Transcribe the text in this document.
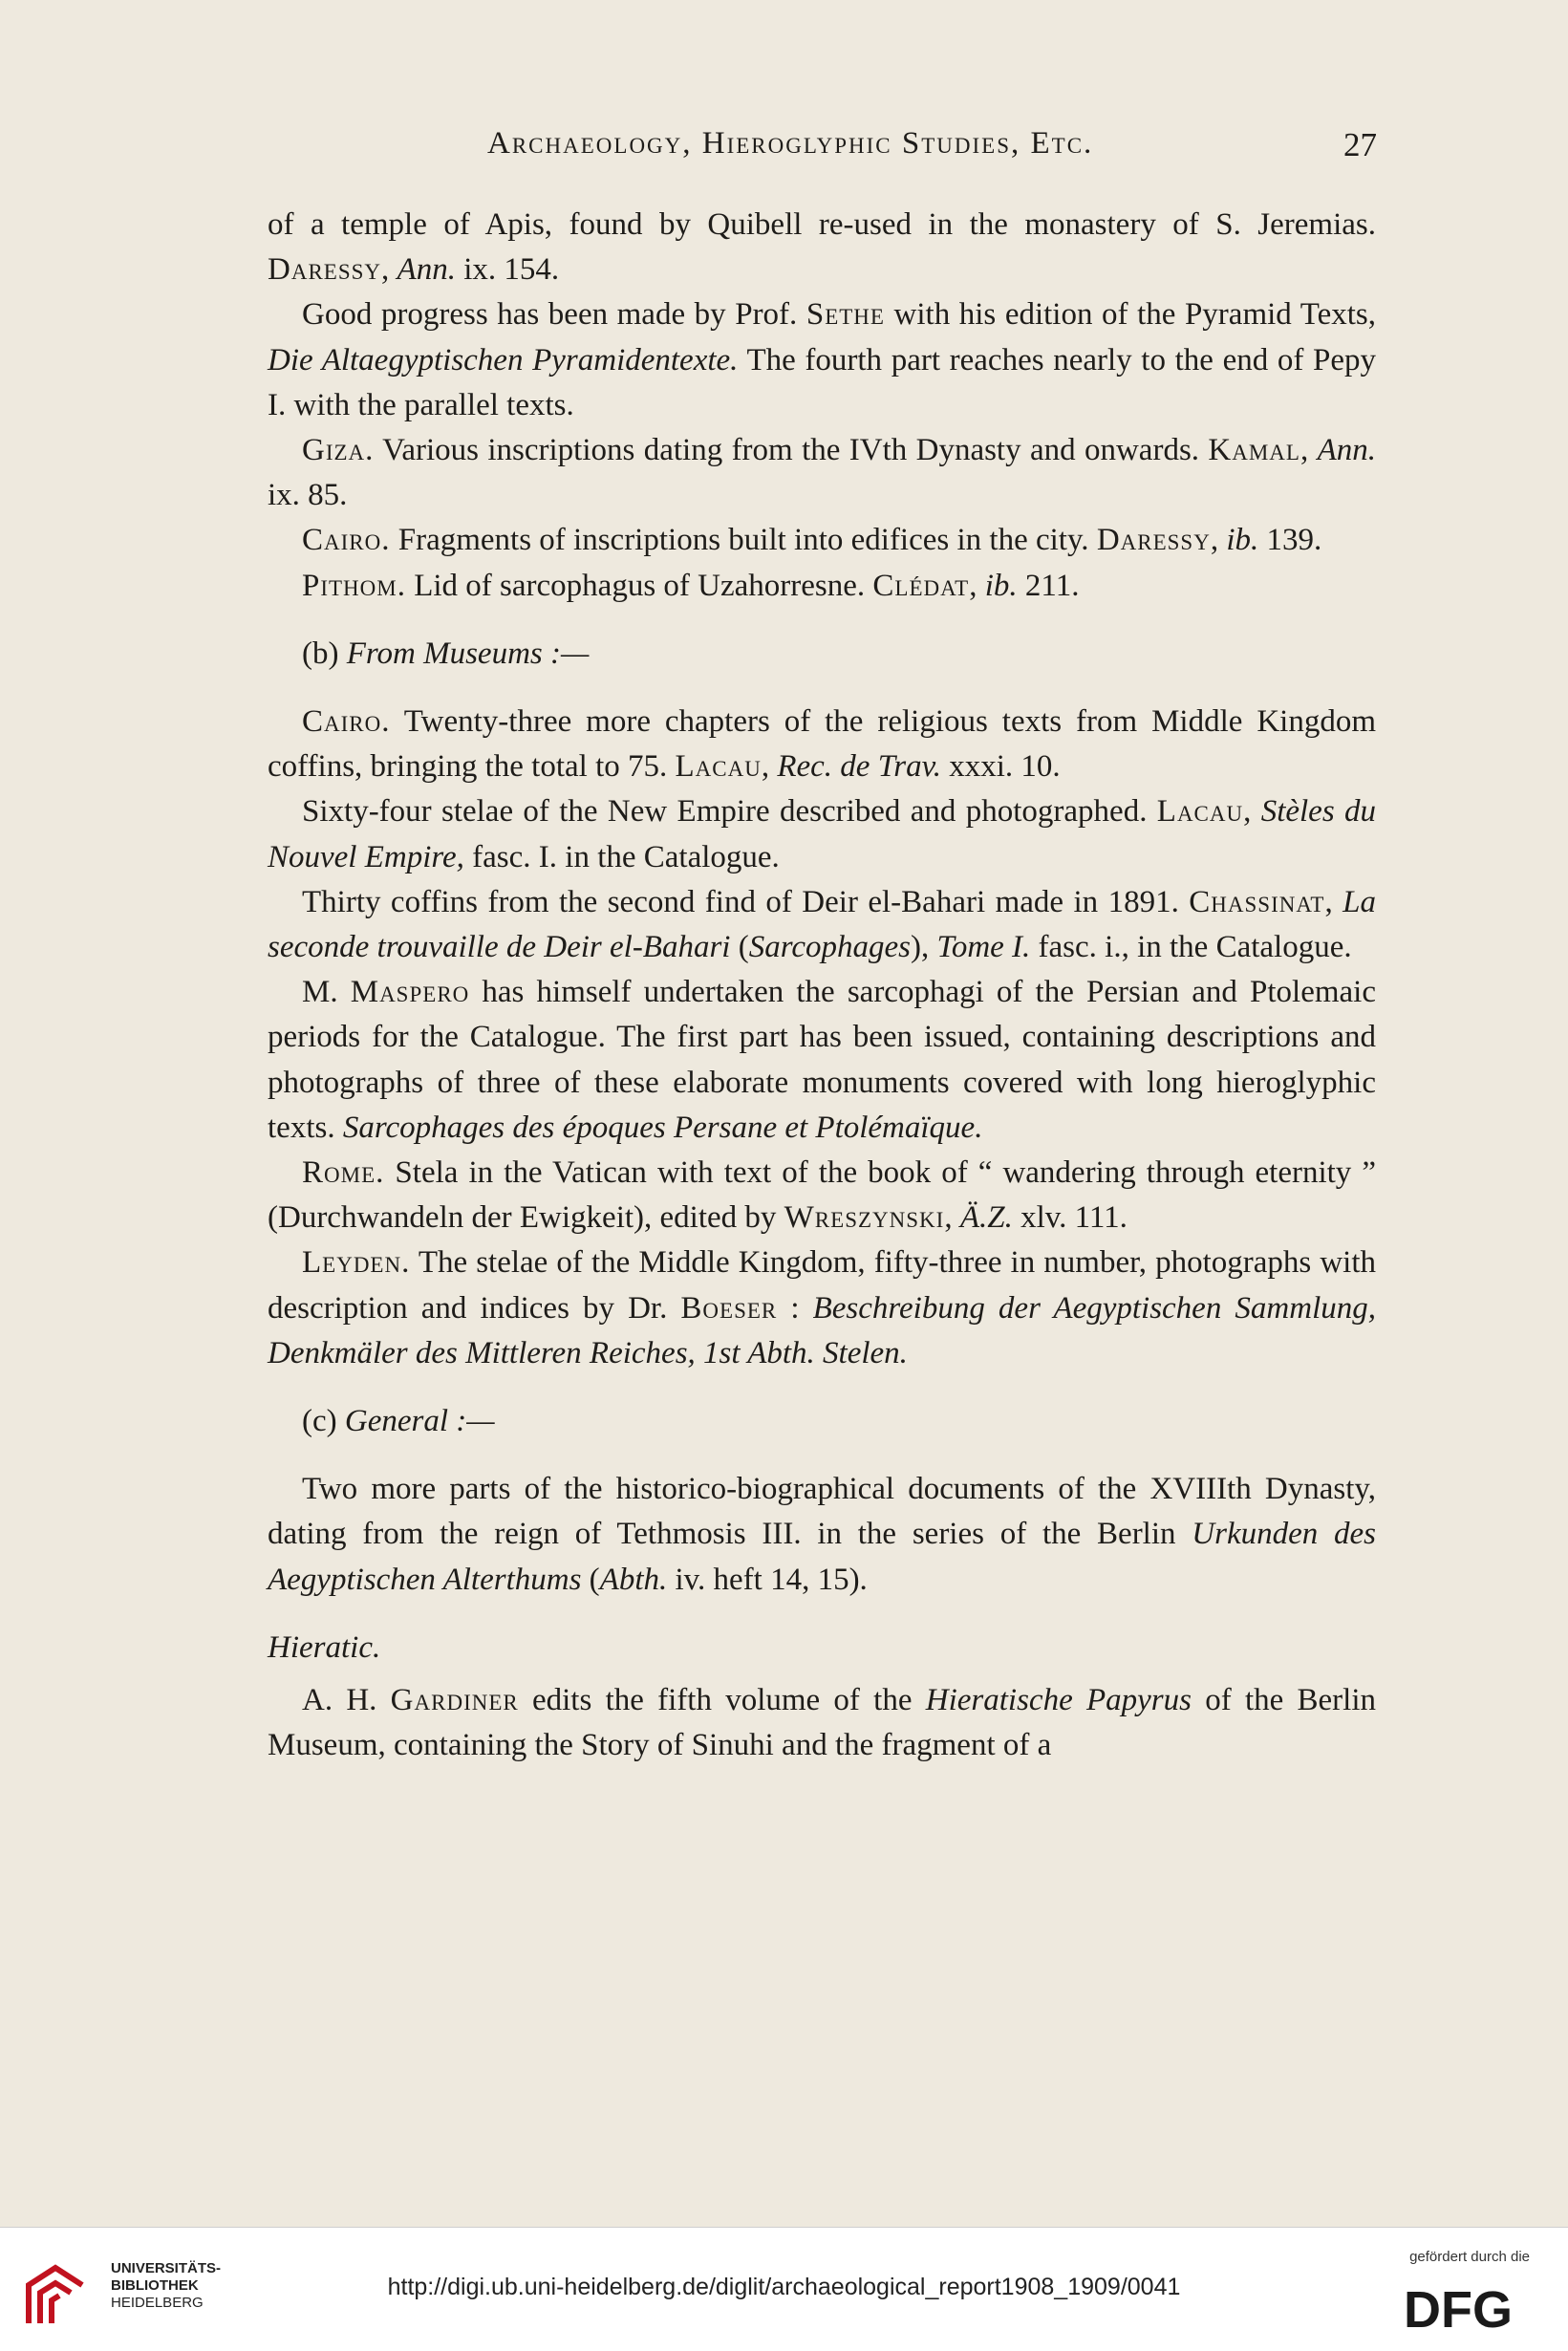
Archaeology, Hieroglyphic Studies, Etc.	27

of a temple of Apis, found by Quibell re-used in the monastery of S. Jeremias. Daressy, Ann. ix. 154.

Good progress has been made by Prof. Sethe with his edition of the Pyramid Texts, Die Altaegyptischen Pyramidentexte. The fourth part reaches nearly to the end of Pepy I. with the parallel texts.

Giza. Various inscriptions dating from the IVth Dynasty and onwards. Kamal, Ann. ix. 85.

Cairo. Fragments of inscriptions built into edifices in the city. Daressy, ib. 139.

Pithom. Lid of sarcophagus of Uzahorresne. Clédat, ib. 211.

(b) From Museums :—

Cairo. Twenty-three more chapters of the religious texts from Middle Kingdom coffins, bringing the total to 75. Lacau, Rec. de Trav. xxxi. 10.

Sixty-four stelae of the New Empire described and photographed. Lacau, Stèles du Nouvel Empire, fasc. I. in the Catalogue.

Thirty coffins from the second find of Deir el-Bahari made in 1891. Chassinat, La seconde trouvaille de Deir el-Bahari (Sarcophages), Tome I. fasc. i., in the Catalogue.

M. Maspero has himself undertaken the sarcophagi of the Persian and Ptolemaic periods for the Catalogue. The first part has been issued, containing descriptions and photographs of three of these elaborate monuments covered with long hieroglyphic texts. Sarcophages des époques Persane et Ptolémaïque.

Rome. Stela in the Vatican with text of the book of “ wandering through eternity ” (Durchwandeln der Ewigkeit), edited by Wreszynski, Ä.Z. xlv. 111.

Leyden. The stelae of the Middle Kingdom, fifty-three in number, photographs with description and indices by Dr. Boeser : Beschreibung der Aegyptischen Sammlung, Denkmäler des Mittleren Reiches, 1st Abth. Stelen.

(c) General :—

Two more parts of the historico-biographical documents of the XVIIIth Dynasty, dating from the reign of Tethmosis III. in the series of the Berlin Urkunden des Aegyptischen Alterthums (Abth. iv. heft 14, 15).

Hieratic.

A. H. Gardiner edits the fifth volume of the Hieratische Papyrus of the Berlin Museum, containing the Story of Sinuhi and the fragment of a

UNIVERSITÄTS-
BIBLIOTHEK
HEIDELBERG
http://digi.ub.uni-heidelberg.de/diglit/archaeological_report1908_1909/0041
gefördert durch die
DFG
